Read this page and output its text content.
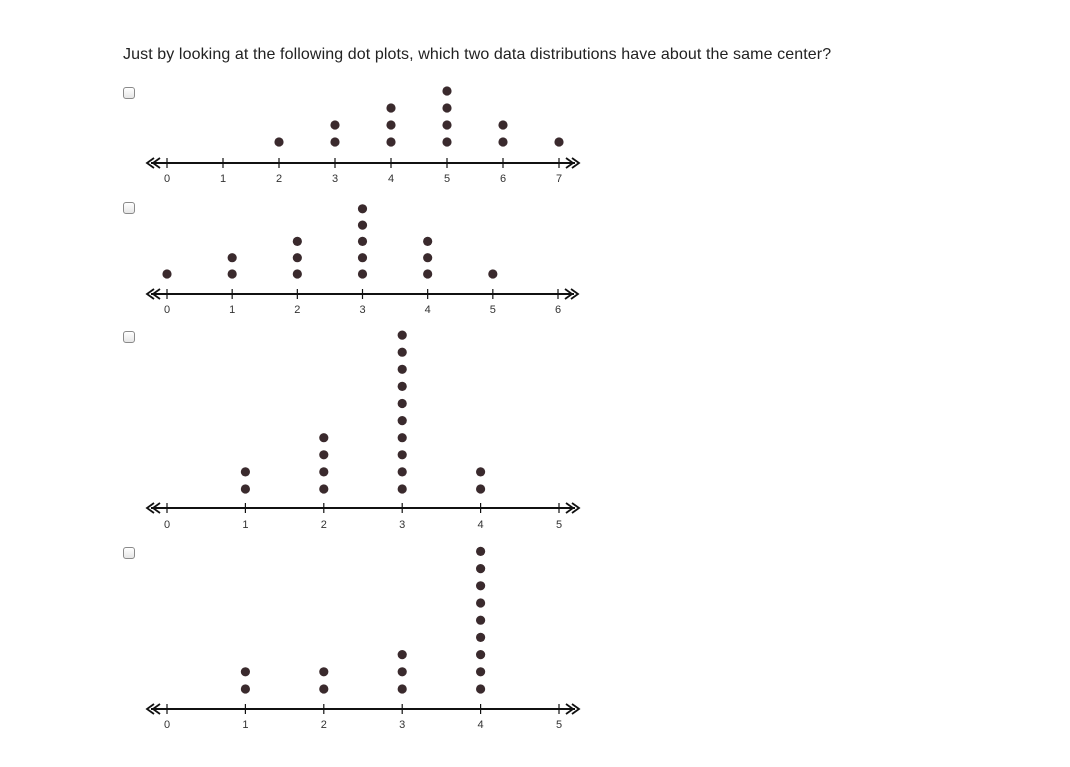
Just by looking at the following dot plots, which two data distributions have about the same center?
0	1	2	3	4	5	6	7
0	1	2	3	4	5	6
0	1	2	3	4	5
0	1	2	3	4	5
